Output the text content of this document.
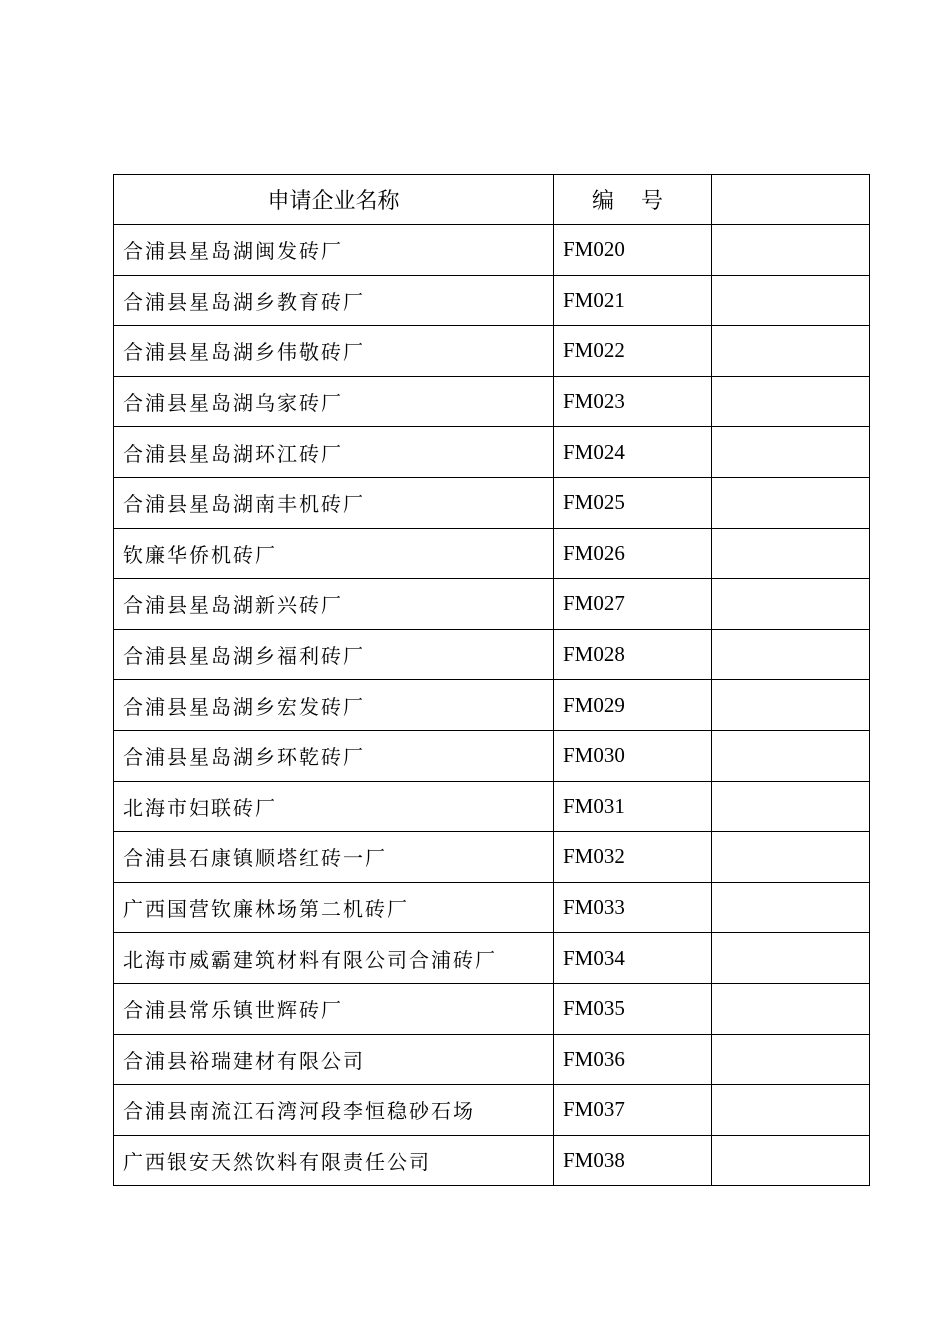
申请企业名称	编 号	
合浦县星岛湖闽发砖厂	FM020	
合浦县星岛湖乡教育砖厂	FM021	
合浦县星岛湖乡伟敬砖厂	FM022	
合浦县星岛湖乌家砖厂	FM023	
合浦县星岛湖环江砖厂	FM024	
合浦县星岛湖南丰机砖厂	FM025	
钦廉华侨机砖厂	FM026	
合浦县星岛湖新兴砖厂	FM027	
合浦县星岛湖乡福利砖厂	FM028	
合浦县星岛湖乡宏发砖厂	FM029	
合浦县星岛湖乡环乾砖厂	FM030	
北海市妇联砖厂	FM031	
合浦县石康镇顺塔红砖一厂	FM032	
广西国营钦廉林场第二机砖厂	FM033	
北海市威霸建筑材料有限公司合浦砖厂	FM034	
合浦县常乐镇世辉砖厂	FM035	
合浦县裕瑞建材有限公司	FM036	
合浦县南流江石湾河段李恒稳砂石场	FM037	
广西银安天然饮料有限责任公司	FM038	
